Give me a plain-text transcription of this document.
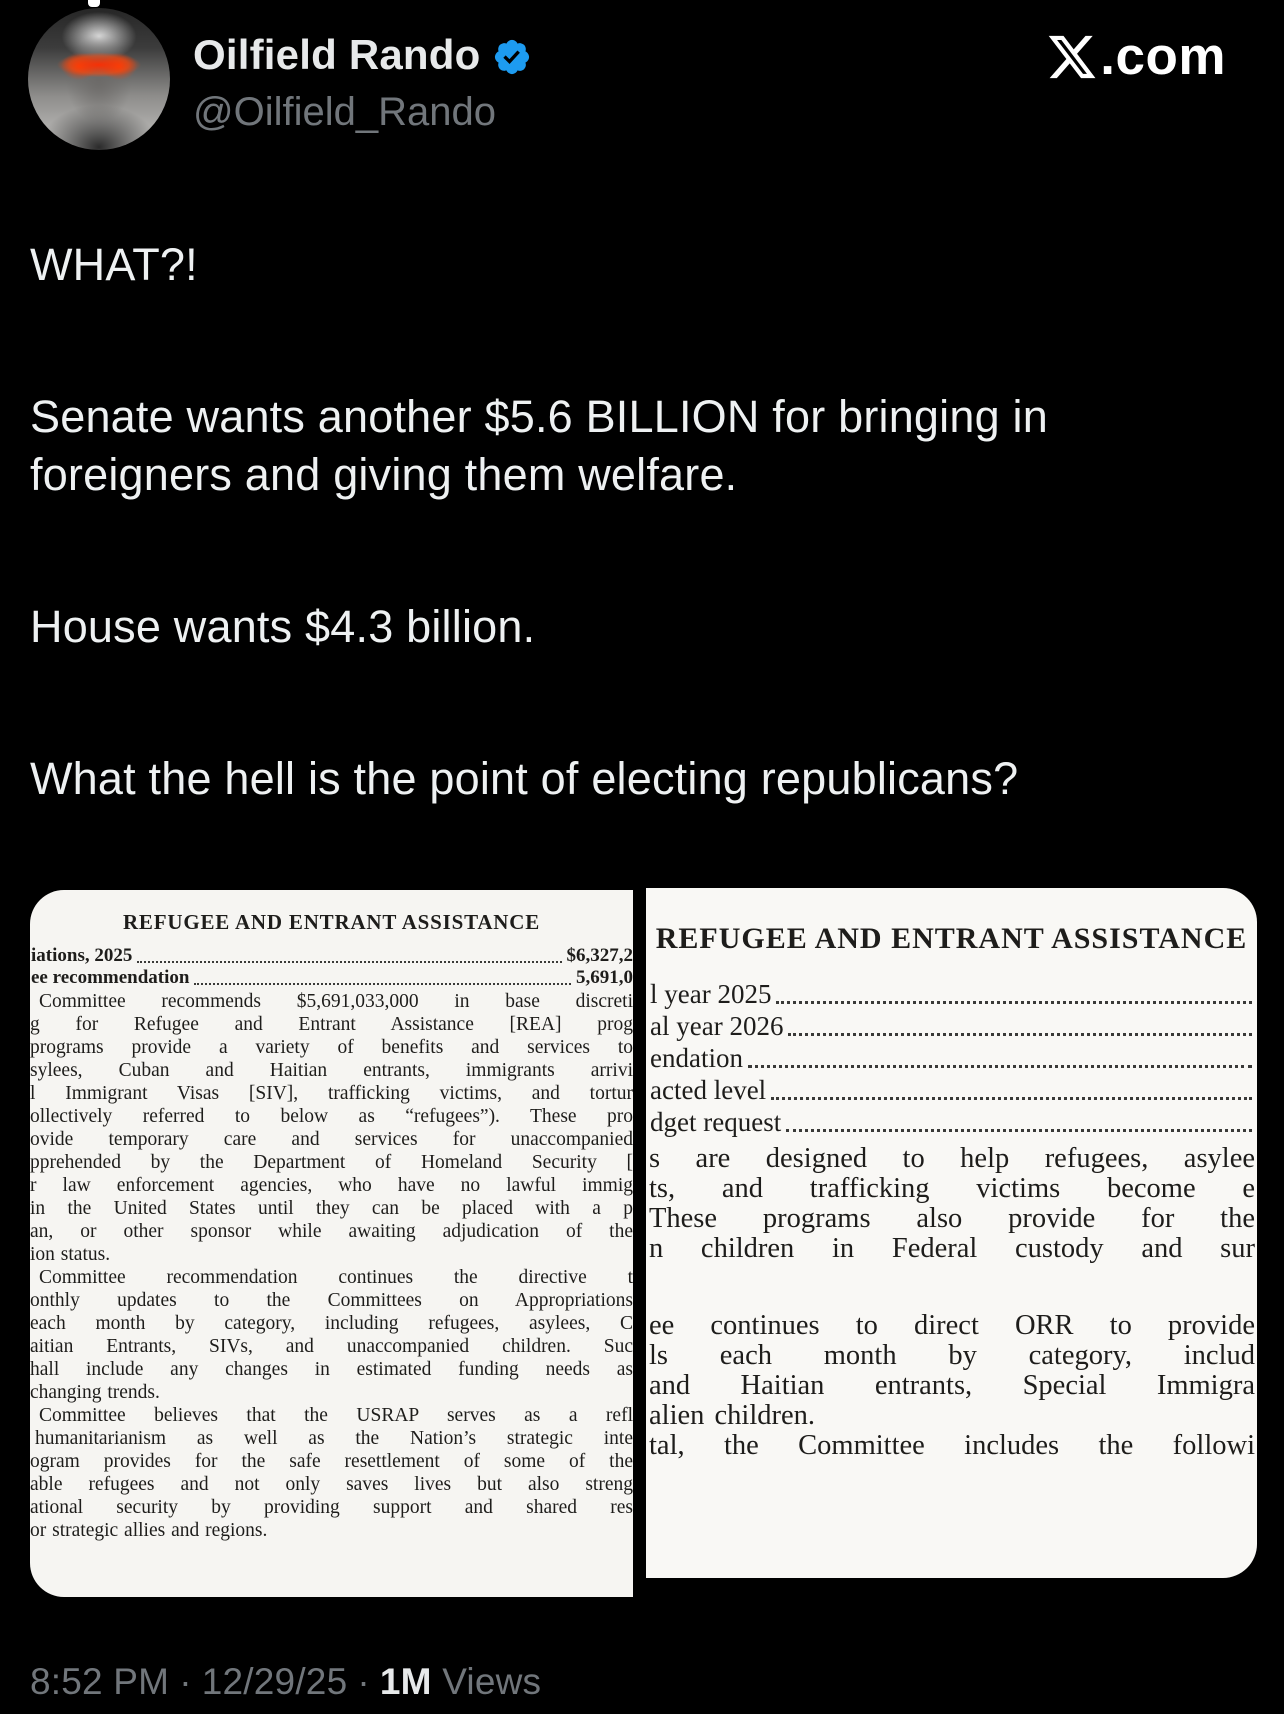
Oilfield Rando
@Oilfield_Rando
.com

WHAT?!

Senate wants another $5.6 BILLION for bringing in foreigners and giving them welfare.

House wants $4.3 billion.

What the hell is the point of electing republicans?

REFUGEE AND ENTRANT ASSISTANCE
iations, 2025	$6,327,2
ee recommendation	5,691,0
Committee recommends $5,691,033,000 in base discreti
g for Refugee and Entrant Assistance [REA] prog
programs provide a variety of benefits and services to
sylees, Cuban and Haitian entrants, immigrants arrivi
l Immigrant Visas [SIV], trafficking victims, and tortur
ollectively referred to below as “refugees”). These pro
ovide temporary care and services for unaccompanied
pprehended by the Department of Homeland Security [
r law enforcement agencies, who have no lawful immig
in the United States until they can be placed with a p
an, or other sponsor while awaiting adjudication of the
ion status.
Committee recommendation continues the directive t
onthly updates to the Committees on Appropriations
each month by category, including refugees, asylees, C
aitian Entrants, SIVs, and unaccompanied children. Suc
hall include any changes in estimated funding needs as
changing trends.
Committee believes that the USRAP serves as a refl
humanitarianism as well as the Nation’s strategic inte
ogram provides for the safe resettlement of some of the
able refugees and not only saves lives but also streng
ational security by providing support and shared res
or strategic allies and regions.
REFUGEE AND ENTRANT ASSISTANCE
l year 2025
al year 2026
endation
acted level
dget request
s are designed to help refugees, asylee
ts, and trafficking victims become e
These programs also provide for the
n children in Federal custody and sur
ee continues to direct ORR to provide
ls each month by category, includ
and Haitian entrants, Special Immigra
alien children.
tal, the Committee includes the followi
8:52 PM · 12/29/25 · 1M Views
